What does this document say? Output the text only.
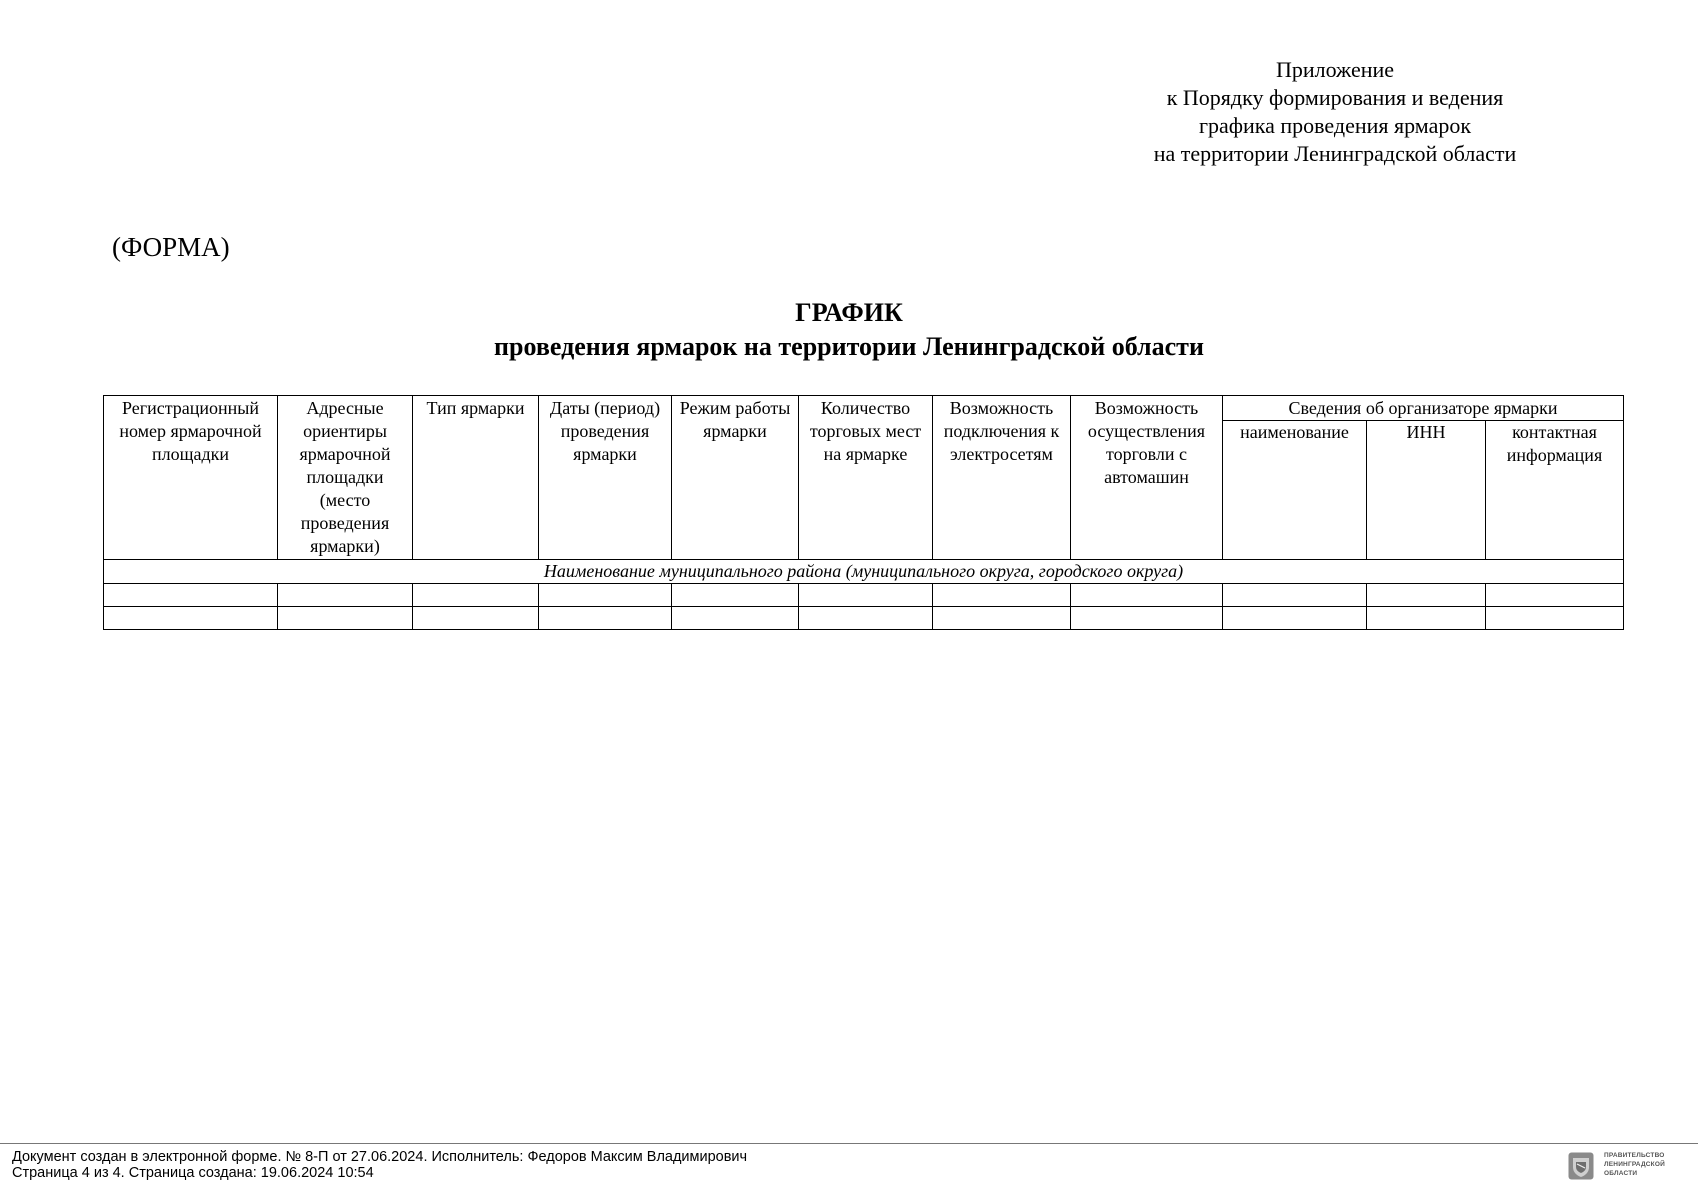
Приложение
к Порядку формирования и ведения
графика проведения ярмарок
на территории Ленинградской области
(ФОРМА)
ГРАФИК
проведения ярмарок на территории Ленинградской области
Регистрационный номер ярмарочной площадки	Адресные ориентиры ярмарочной площадки (место проведения ярмарки)	Тип ярмарки	Даты (период) проведения ярмарки	Режим работы ярмарки	Количество торговых мест на ярмарке	Возможность подключения к электросетям	Возможность осуществления торговли с автомашин	Сведения об организаторе ярмарки		
								наименование	ИНН	контактная информация
Наименование муниципального района (муниципального округа, городского округа)										

Документ создан в электронной форме. № 8-П от 27.06.2024. Исполнитель: Федоров Максим Владимирович
Страница 4 из 4. Страница создана: 19.06.2024 10:54
ПРАВИТЕЛЬСТВО
ЛЕНИНГРАДСКОЙ
ОБЛАСТИ
